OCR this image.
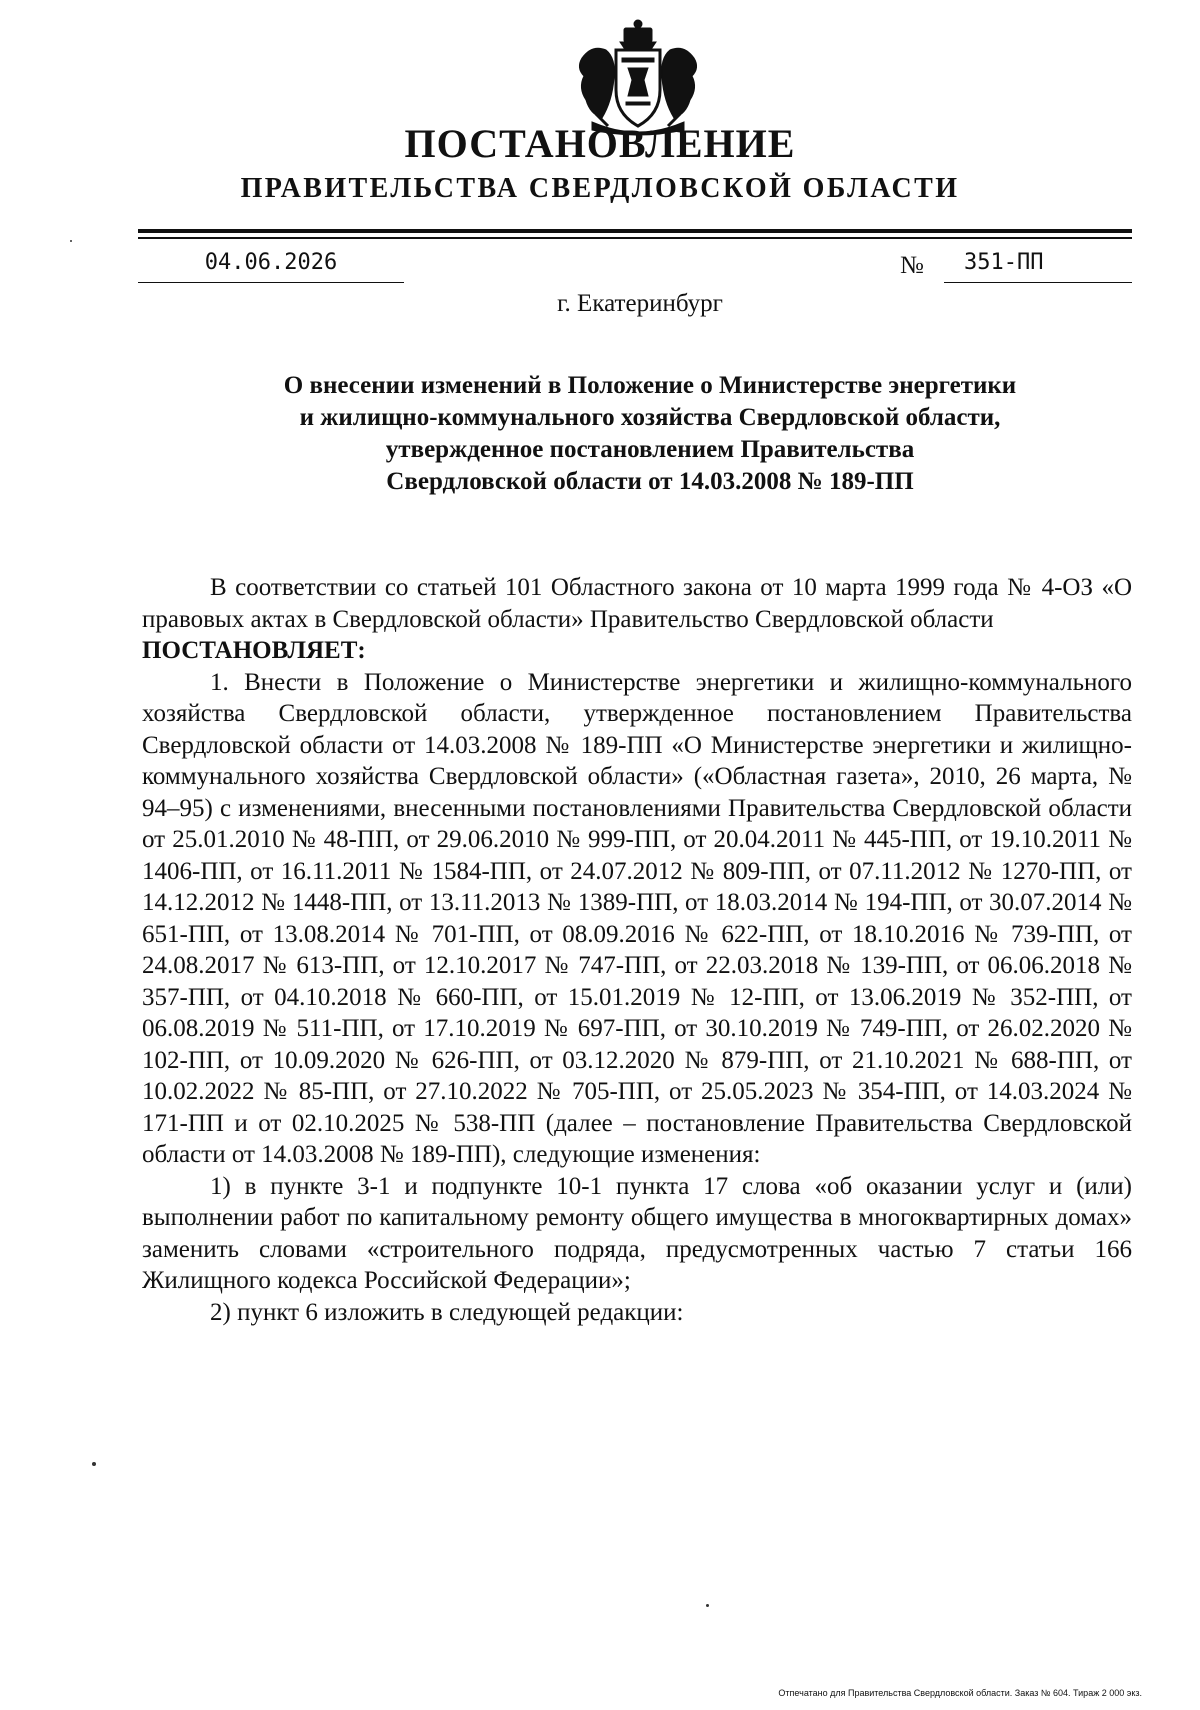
ПОСТАНОВЛЕНИЕ
ПРАВИТЕЛЬСТВА СВЕРДЛОВСКОЙ ОБЛАСТИ
04.06.2026	№ 351-ПП
г. Екатеринбург
О внесении изменений в Положение о Министерстве энергетики
и жилищно-коммунального хозяйства Свердловской области,
утвержденное постановлением Правительства
Свердловской области от 14.03.2008 № 189-ПП

В соответствии со статьей 101 Областного закона от 10 марта 1999 года № 4-ОЗ «О правовых актах в Свердловской области» Правительство Свердловской области

ПОСТАНОВЛЯЕТ:

1. Внести в Положение о Министерстве энергетики и жилищно-коммунального хозяйства Свердловской области, утвержденное постановлением Правительства Свердловской области от 14.03.2008 № 189-ПП «О Министерстве энергетики и жилищно-коммунального хозяйства Свердловской области» («Областная газета», 2010, 26 марта, № 94–95) с изменениями, внесенными постановлениями Правительства Свердловской области от 25.01.2010 № 48-ПП, от 29.06.2010 № 999-ПП, от 20.04.2011 № 445-ПП, от 19.10.2011 № 1406-ПП, от 16.11.2011 № 1584-ПП, от 24.07.2012 № 809-ПП, от 07.11.2012 № 1270-ПП, от 14.12.2012 № 1448-ПП, от 13.11.2013 № 1389-ПП, от 18.03.2014 № 194-ПП, от 30.07.2014 № 651-ПП, от 13.08.2014 № 701-ПП, от 08.09.2016 № 622-ПП, от 18.10.2016 № 739-ПП, от 24.08.2017 № 613-ПП, от 12.10.2017 № 747-ПП, от 22.03.2018 № 139-ПП, от 06.06.2018 № 357-ПП, от 04.10.2018 № 660-ПП, от 15.01.2019 № 12-ПП, от 13.06.2019 № 352-ПП, от 06.08.2019 № 511-ПП, от 17.10.2019 № 697-ПП, от 30.10.2019 № 749-ПП, от 26.02.2020 № 102-ПП, от 10.09.2020 № 626-ПП, от 03.12.2020 № 879-ПП, от 21.10.2021 № 688-ПП, от 10.02.2022 № 85-ПП, от 27.10.2022 № 705-ПП, от 25.05.2023 № 354-ПП, от 14.03.2024 № 171-ПП и от 02.10.2025 № 538-ПП (далее – постановление Правительства Свердловской области от 14.03.2008 № 189-ПП), следующие изменения:

1) в пункте 3-1 и подпункте 10-1 пункта 17 слова «об оказании услуг и (или) выполнении работ по капитальному ремонту общего имущества в многоквартирных домах» заменить словами «строительного подряда, предусмотренных частью 7 статьи 166 Жилищного кодекса Российской Федерации»;

2) пункт 6 изложить в следующей редакции:

Отпечатано для Правительства Свердловской области. Заказ № 604. Тираж 2 000 экз.
